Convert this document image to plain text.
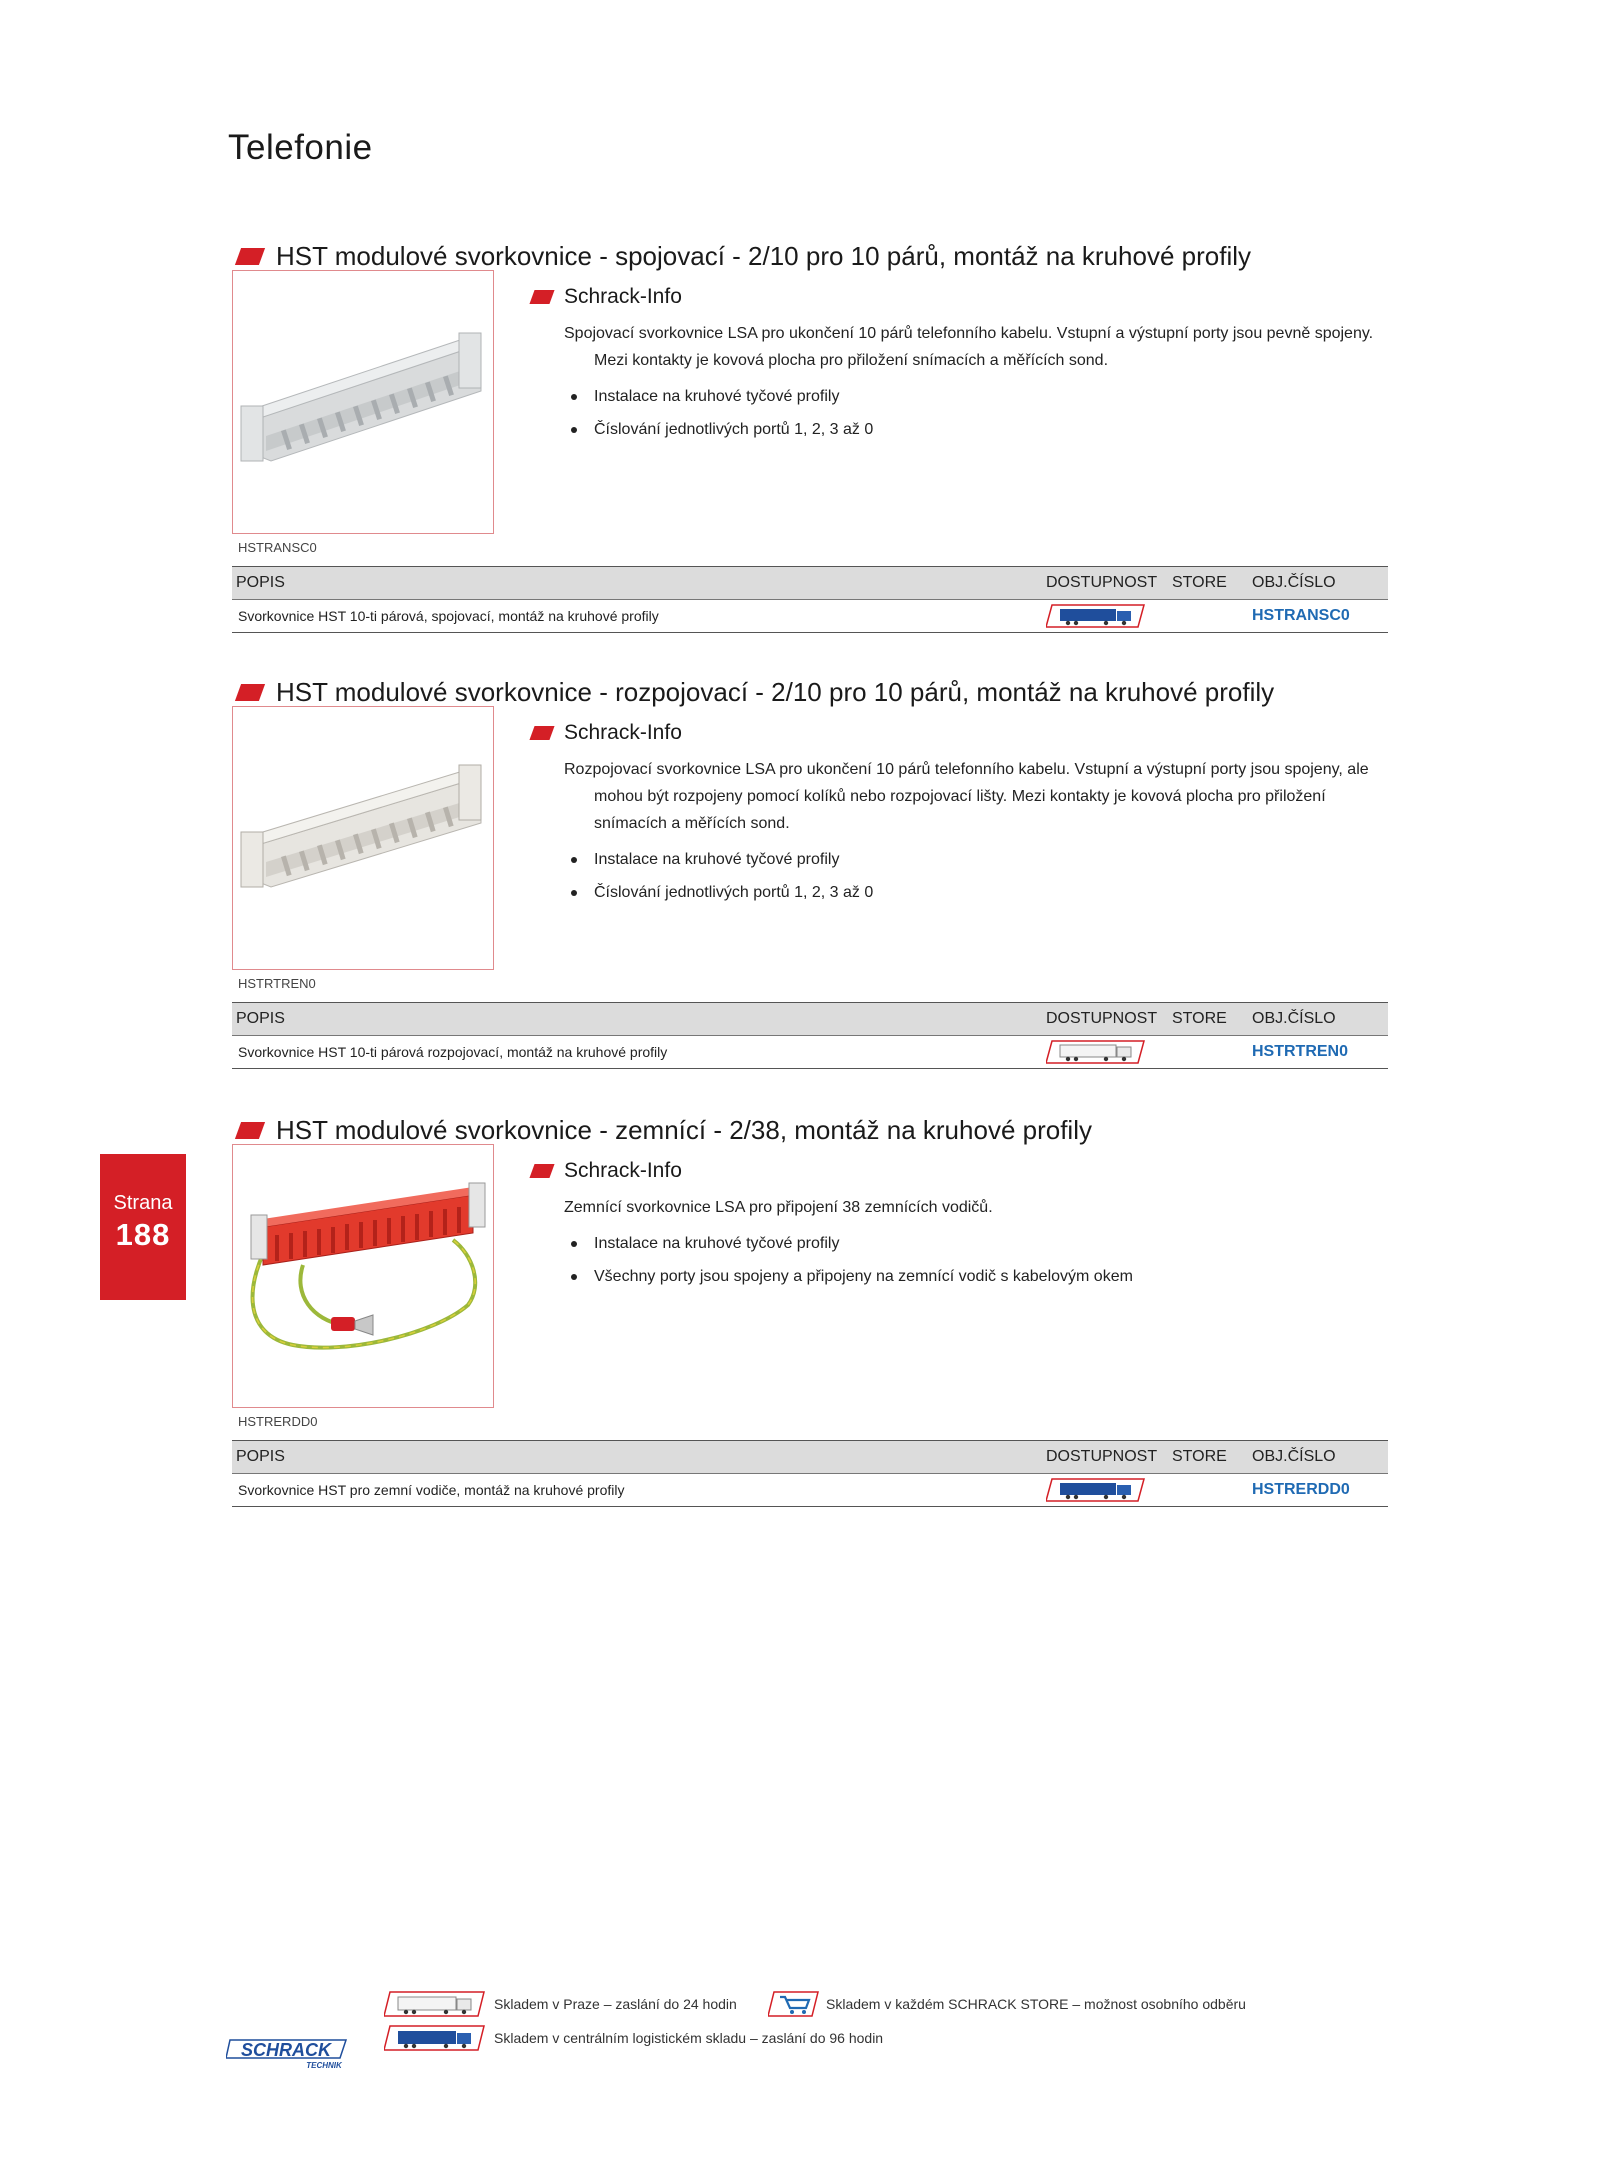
Telefonie
HST modulové svorkovnice - spojovací - 2/10 pro 10 párů, montáž na kruhové profily
HSTRANSC0
Schrack-Info
Spojovací svorkovnice LSA pro ukončení 10 párů telefonního kabelu. Vstupní a výstupní porty jsou pevně spojeny. Mezi kontakty je kovová plocha pro přiložení snímacích a měřících sond.
Instalace na kruhové tyčové profily
Číslování jednotlivých portů 1, 2, 3 až 0
POPIS	DOSTUPNOST STORE OBJ.ČÍSLO
Svorkovnice HST 10-ti párová, spojovací, montáž na kruhové profily	HSTRANSC0
HST modulové svorkovnice - rozpojovací - 2/10 pro 10 párů, montáž na kruhové profily
HSTRTREN0
Schrack-Info
Rozpojovací svorkovnice LSA pro ukončení 10 párů telefonního kabelu. Vstupní a výstupní porty jsou spojeny, ale mohou být rozpojeny pomocí kolíků nebo rozpojovací lišty. Mezi kontakty je kovová plocha pro přiložení snímacích a měřících sond.
Instalace na kruhové tyčové profily
Číslování jednotlivých portů 1, 2, 3 až 0
POPIS	DOSTUPNOST STORE OBJ.ČÍSLO
Svorkovnice HST 10-ti párová rozpojovací, montáž na kruhové profily	HSTRTREN0
HST modulové svorkovnice - zemnící - 2/38, montáž na kruhové profily
HSTRERDD0
Schrack-Info
Zemnící svorkovnice LSA pro připojení 38 zemnících vodičů.
Instalace na kruhové tyčové profily
Všechny porty jsou spojeny a připojeny na zemnící vodič s kabelovým okem
POPIS	DOSTUPNOST STORE OBJ.ČÍSLO
Svorkovnice HST pro zemní vodiče, montáž na kruhové profily	HSTRERDD0
Strana
188
Skladem v Praze – zaslání do 24 hodin	Skladem v každém SCHRACK STORE – možnost osobního odběru
Skladem v centrálním logistickém skladu – zaslání do 96 hodin
SCHRACK
TECHNIK
